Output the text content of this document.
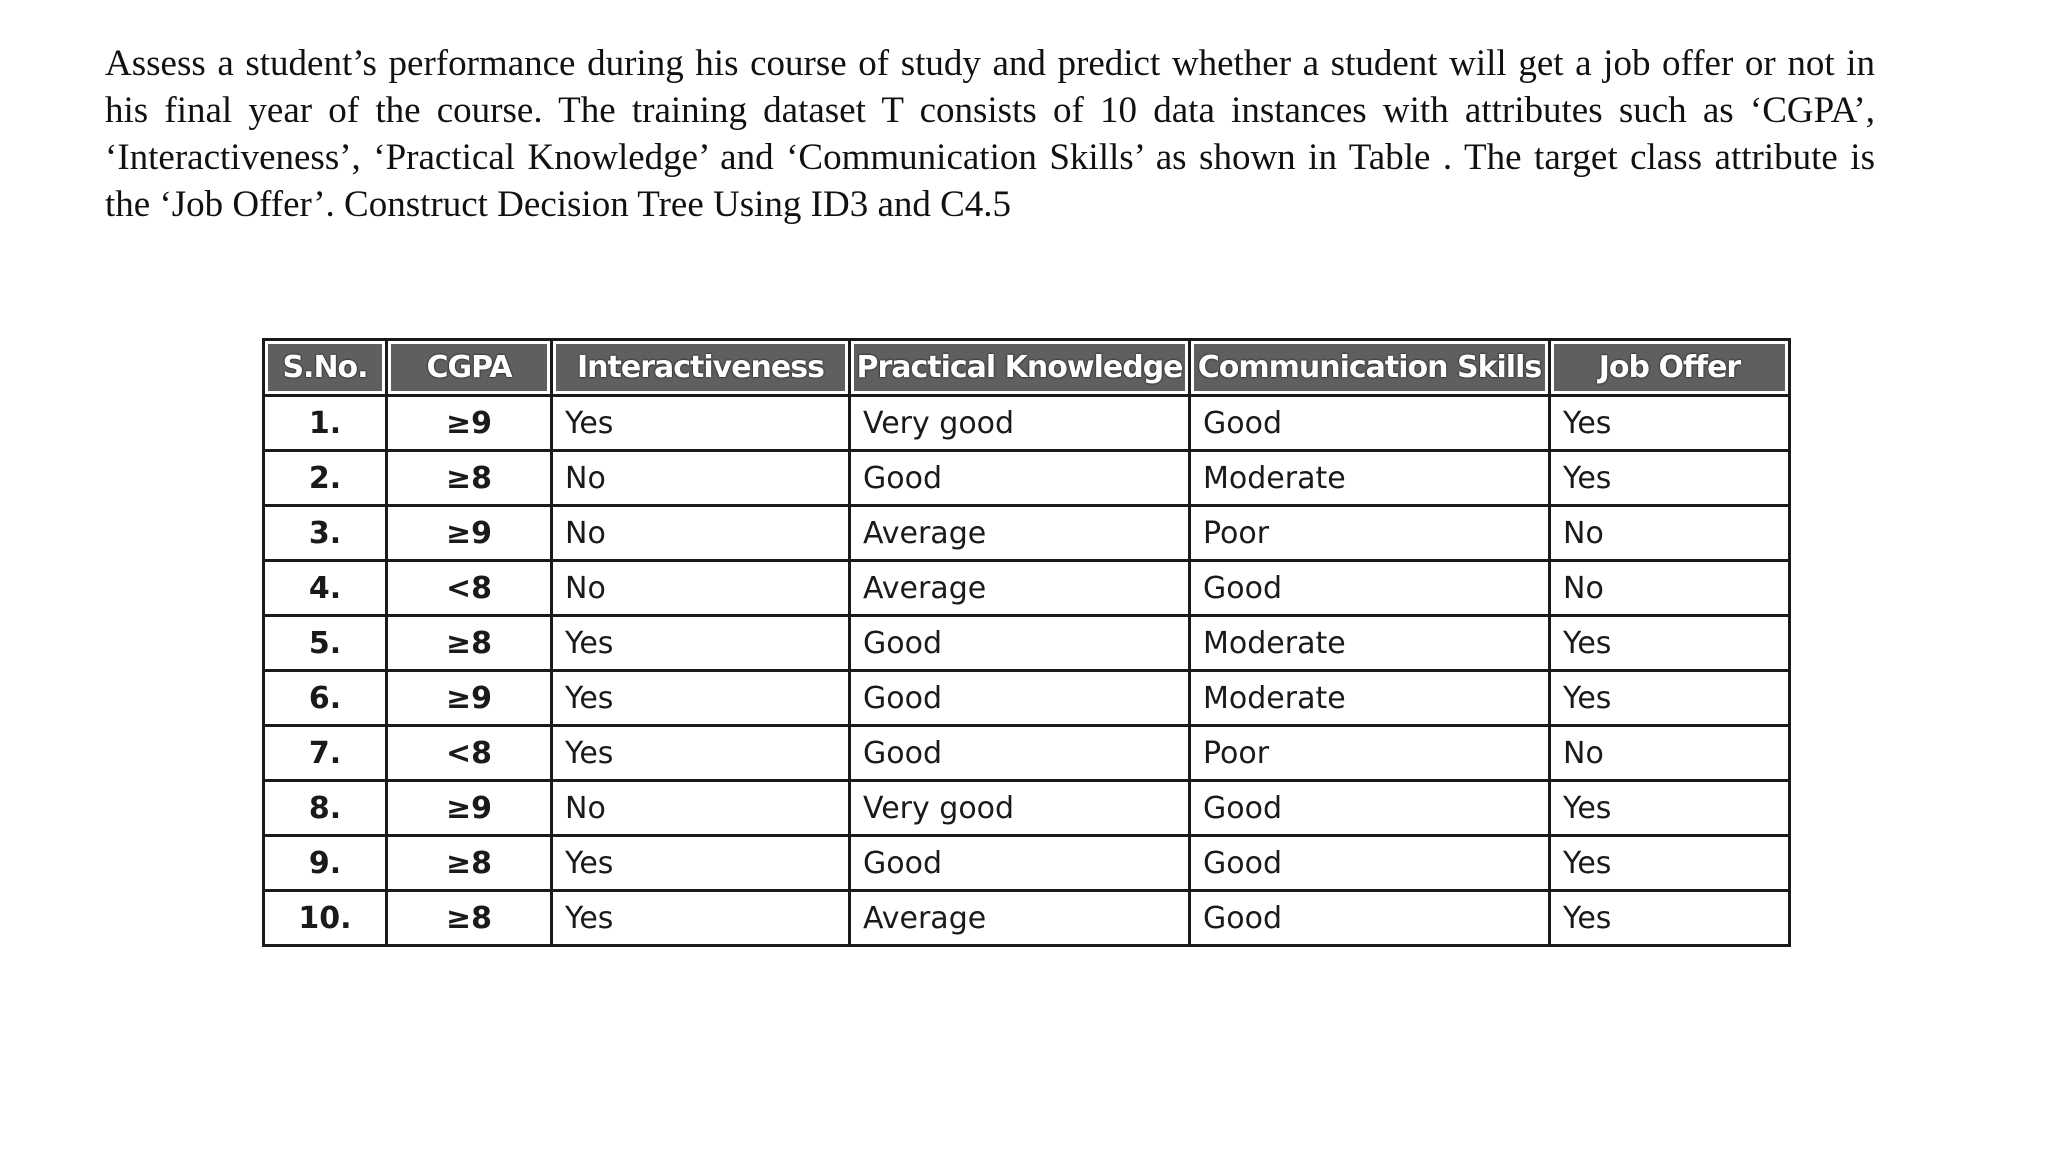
Assess a student’s performance during his course of study and predict whether a student will get a job offer or not in his final year of the course. The training dataset T consists of 10 data instances with attributes such as ‘CGPA’, ‘Interactiveness’, ‘Practical Knowledge’ and ‘Communication Skills’ as shown in Table . The target class attribute is the ‘Job Offer’. Construct Decision Tree Using ID3 and C4.5

S.No.	CGPA	Interactiveness	Practical Knowledge	Communication Skills	Job Offer
1.	≥9	Yes	Very good	Good	Yes
2.	≥8	No	Good	Moderate	Yes
3.	≥9	No	Average	Poor	No
4.	<8	No	Average	Good	No
5.	≥8	Yes	Good	Moderate	Yes
6.	≥9	Yes	Good	Moderate	Yes
7.	<8	Yes	Good	Poor	No
8.	≥9	No	Very good	Good	Yes
9.	≥8	Yes	Good	Good	Yes
10.	≥8	Yes	Average	Good	Yes
